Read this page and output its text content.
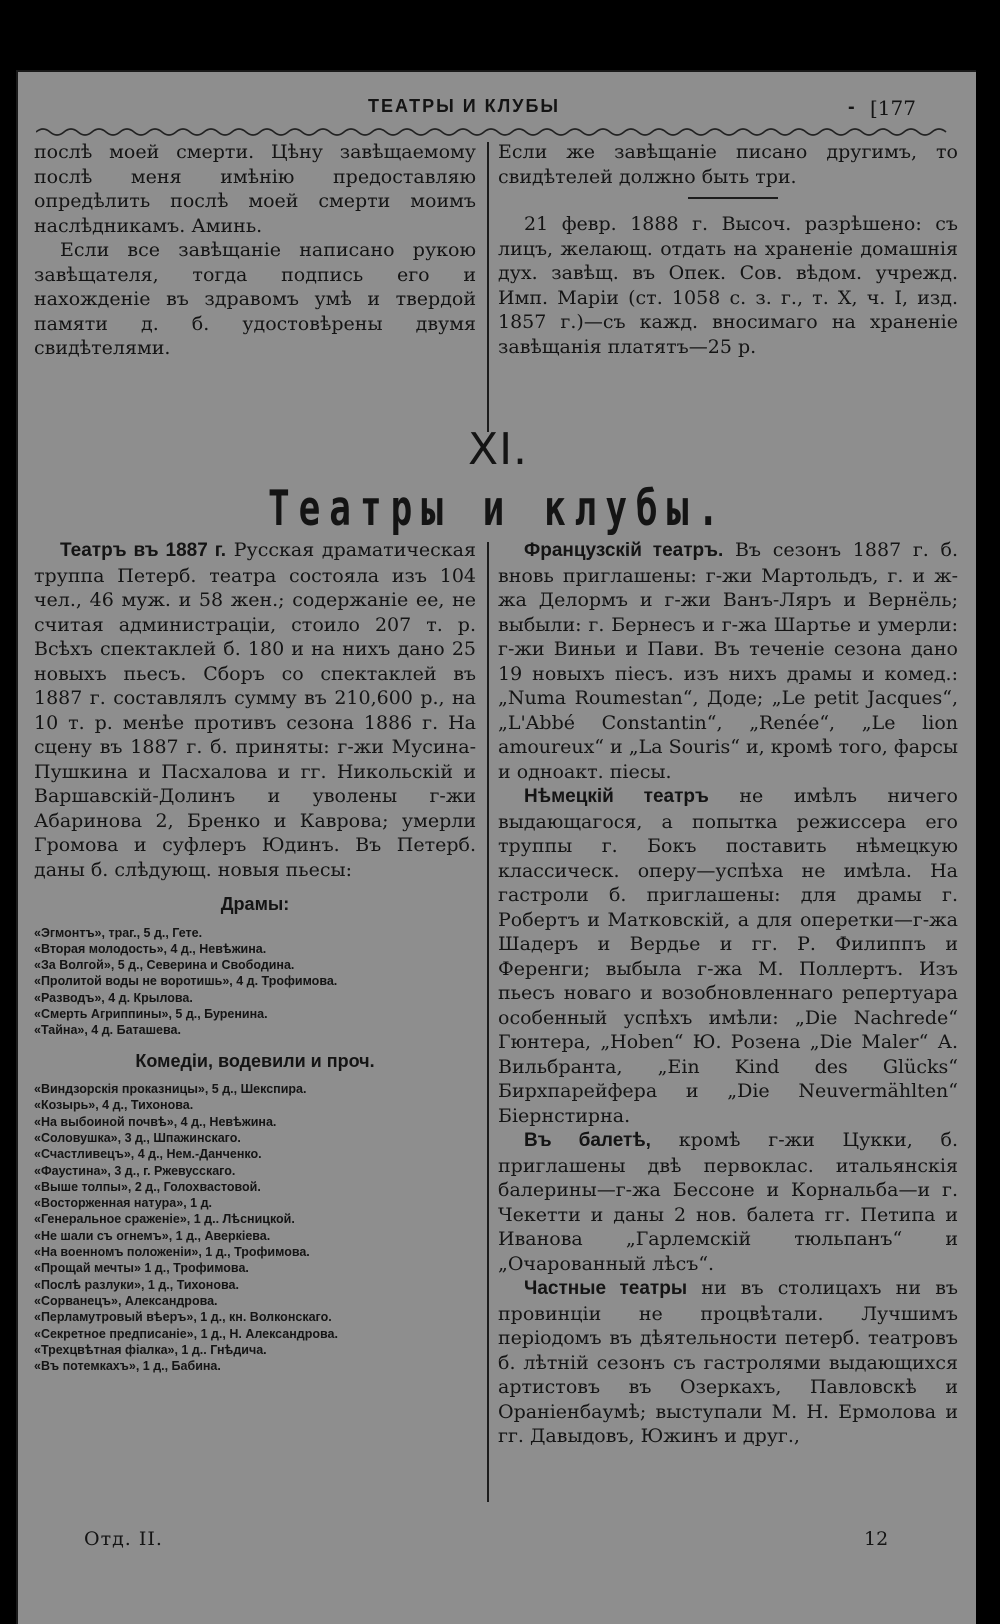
ТЕАТРЫ И КЛУБЫ	- [177

послѣ моей смерти. Цѣну завѣщаемому послѣ меня имѣнію предоставляю опредѣлить послѣ моей смерти моимъ наслѣдникамъ. Аминь.

Если все завѣщаніе написано рукою завѣщателя, тогда подпись его и нахожденіе въ здравомъ умѣ и твердой памяти д. б. удостовѣрены двумя свидѣтелями.

Если же завѣщаніе писано другимъ, то свидѣтелей должно быть три.

21 февр. 1888 г. Высоч. разрѣшено: съ лицъ, желающ. отдать на храненіе домашнія дух. завѣщ. въ Опек. Сов. вѣдом. учрежд. Имп. Маріи (ст. 1058 с. з. г., т. X, ч. I, изд. 1857 г.)—съ кажд. вносимаго на храненіе завѣщанія платятъ—25 р.

XI.
Театры и клубы.

Театръ въ 1887 г. Русская драматическая труппа Петерб. театра состояла изъ 104 чел., 46 муж. и 58 жен.; содержаніе ее, не считая администраціи, стоило 207 т. р. Всѣхъ спектаклей б. 180 и на нихъ дано 25 новыхъ пьесъ. Сборъ со спектаклей въ 1887 г. составлялъ сумму въ 210,600 р., на 10 т. р. менѣе противъ сезона 1886 г. На сцену въ 1887 г. б. приняты: г-жи Мусина-Пушкина и Пасхалова и гг. Никольскій и Варшавскій-Долинъ и уволены г-жи Абаринова 2, Бренко и Каврова; умерли Громова и суфлеръ Юдинъ. Въ Петерб. даны б. слѣдующ. новыя пьесы:

Драмы:
«Эгмонтъ», траг., 5 д., Гете.
«Вторая молодость», 4 д., Невѣжина.
«За Волгой», 5 д., Северина и Свободина.
«Пролитой воды не воротишь», 4 д. Трофимова.
«Разводъ», 4 д. Крылова.
«Смерть Агриппины», 5 д., Буренина.
«Тайна», 4 д. Баташева.
Комедіи, водевили и проч.
«Виндзорскія проказницы», 5 д., Шекспира.
«Козырь», 4 д., Тихонова.
«На выбоиной почвѣ», 4 д., Невѣжина.
«Соловушка», 3 д., Шпажинскаго.
«Счастливецъ», 4 д., Нем.-Данченко.
«Фаустина», 3 д., г. Ржевусскаго.
«Выше толпы», 2 д., Голохвастовой.
«Восторженная натура», 1 д.
«Генеральное сраженіе», 1 д.. Лѣсницкой.
«Не шали съ огнемъ», 1 д., Аверкіева.
«На военномъ положеніи», 1 д., Трофимова.
«Прощай мечты» 1 д., Трофимова.
«Послѣ разлуки», 1 д., Тихонова.
«Сорванецъ», Александрова.
«Перламутровый вѣеръ», 1 д., кн. Волконскаго.
«Секретное предписаніе», 1 д., Н. Александрова.
«Трехцвѣтная фіалка», 1 д.. Гнѣдича.
«Въ потемкахъ», 1 д., Бабина.

Французскій театръ. Въ сезонъ 1887 г. б. вновь приглашены: г-жи Мартольдъ, г. и ж-жа Делормъ и г-жи Ванъ-Ляръ и Вернёль; выбыли: г. Бернесъ и г-жа Шартье и умерли: г-жи Виньи и Пави. Въ теченіе сезона дано 19 новыхъ піесъ. изъ нихъ драмы и комед.: „Numa Roumestan“, Доде; „Le petit Jacques“, „L'Abbé Constantin“, „Renée“, „Le lion amoureux“ и „La Souris“ и, кромѣ того, фарсы и одноакт. піесы.

Нѣмецкій театръ не имѣлъ ничего выдающагося, а попытка режиссера его труппы г. Бокъ поставить нѣмецкую классическ. оперу—успѣха не имѣла. На гастроли б. приглашены: для драмы г. Робертъ и Матковскій, а для оперетки—г-жа Шадеръ и Вердье и гг. Р. Филиппъ и Ференги; выбыла г-жа М. Поллертъ. Изъ пьесъ новаго и возобновленнаго репертуара особенный успѣхъ имѣли: „Die Nachrede“ Гюнтера, „Hoben“ Ю. Розена „Die Maler“ А. Вильбранта, „Ein Kind des Glücks“ Бирхпарейфера и „Die Neuvermählten“ Біернстирна.

Въ балетѣ, кромѣ г-жи Цукки, б. приглашены двѣ первоклас. итальянскія балерины—г-жа Бессоне и Корнальба—и г. Чекетти и даны 2 нов. балета гг. Петипа и Иванова „Гарлемскій тюльпанъ“ и „Очарованный лѣсъ“.

Частные театры ни въ столицахъ ни въ провинціи не процвѣтали. Лучшимъ періодомъ въ дѣятельности петерб. театровъ б. лѣтній сезонъ съ гастролями выдающихся артистовъ въ Озеркахъ, Павловскѣ и Ораніенбаумѣ; выступали М. Н. Ермолова и гг. Давыдовъ, Южинъ и друг.,

Отд. II.	12
